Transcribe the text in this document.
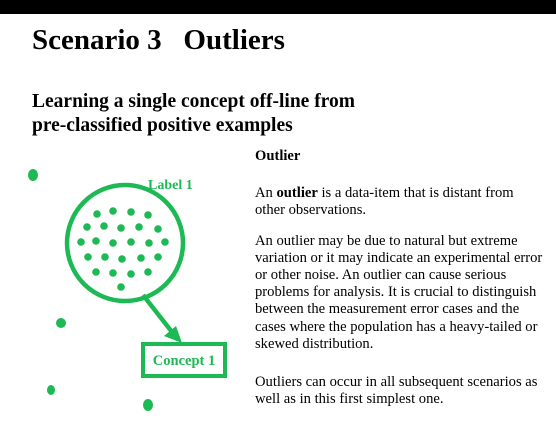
Scenario 3   Outliers
Learning a single concept off-line from
pre-classified positive examples
Label 1
Concept 1

Outlier

An outlier is a data-item that is distant from other observations.

An outlier may be due to natural but extreme variation or it may indicate an experimental error or other noise. An outlier can cause serious problems for analysis. It is crucial to distinguish between the measurement error cases and the cases where the population has a heavy-tailed or skewed distribution.

Outliers can occur in all subsequent scenarios as well as in this first simplest one.
